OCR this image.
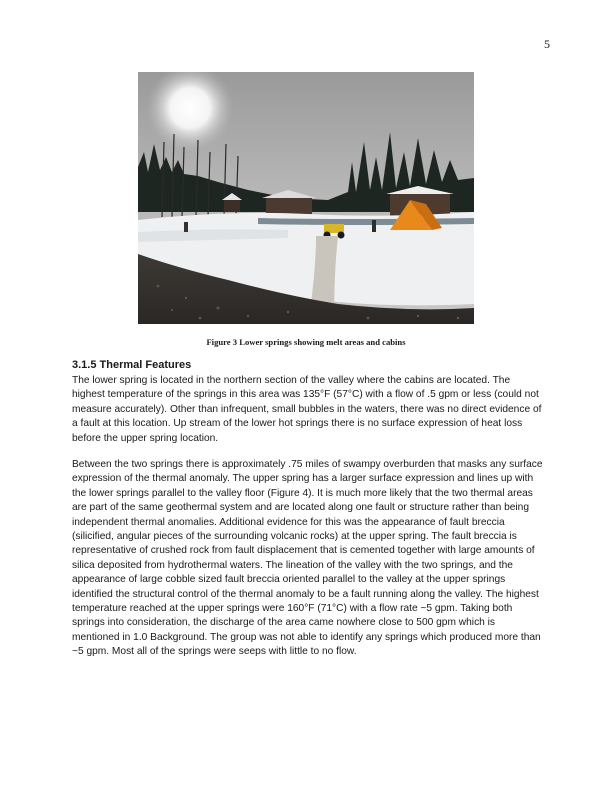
5
Figure 3 Lower springs showing melt areas and cabins
3.1.5 Thermal Features

The lower spring is located in the northern section of the valley where the cabins are located. The highest temperature of the springs in this area was 135°F (57°C) with a flow of .5 gpm or less (could not measure accurately). Other than infrequent, small bubbles in the waters, there was no direct evidence of a fault at this location. Up stream of the lower hot springs there is no surface expression of heat loss before the upper spring location.

Between the two springs there is approximately .75 miles of swampy overburden that masks any surface expression of the thermal anomaly. The upper spring has a larger surface expression and lines up with the lower springs parallel to the valley floor (Figure 4). It is much more likely that the two thermal areas are part of the same geothermal system and are located along one fault or structure rather than being independent thermal anomalies. Additional evidence for this was the appearance of fault breccia (silicified, angular pieces of the surrounding volcanic rocks) at the upper spring. The fault breccia is representative of crushed rock from fault displacement that is cemented together with large amounts of silica deposited from hydrothermal waters. The lineation of the valley with the two springs, and the appearance of large cobble sized fault breccia oriented parallel to the valley at the upper springs identified the structural control of the thermal anomaly to be a fault running along the valley. The highest temperature reached at the upper springs were 160°F (71°C) with a flow rate ~5 gpm. Taking both springs into consideration, the discharge of the area came nowhere close to 500 gpm which is mentioned in 1.0 Background. The group was not able to identify any springs which produced more than ~5 gpm. Most all of the springs were seeps with little to no flow.
